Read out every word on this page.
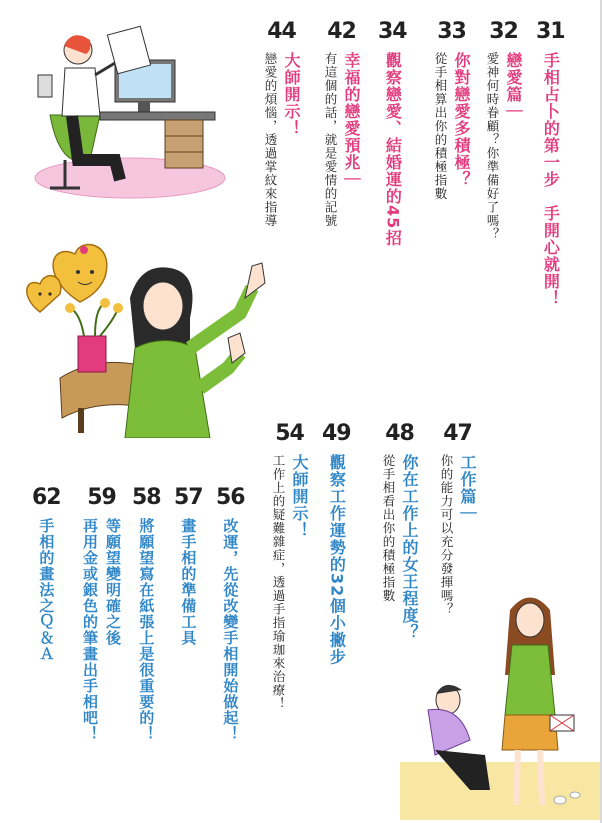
31
手相占卜的第一步　手開心就開！
32
戀愛篇｜
愛神何時眷顧？你準備好了嗎？
33
你對戀愛多積極？
從手相算出你的積極指數
34
觀察戀愛、結婚運的45招
42
幸福的戀愛預兆｜
有這個的話，就是愛情的記號
44
大師開示！
戀愛的煩惱，透過掌紋來指導
47
工作篇｜
你的能力可以充分發揮嗎？
48
你在工作上的女王程度？
從手相看出你的積極指數
49
觀察工作運勢的32個小撇步
54
大師開示！
工作上的疑難雜症，透過手指瑜珈來治療！
56
改運，先從改變手相開始做起！
57
畫手相的準備工具
58
將願望寫在紙張上是很重要的！
59
等願望變明確之後
再用金或銀色的筆畫出手相吧！
62
手相的畫法之Ｑ＆Ａ
